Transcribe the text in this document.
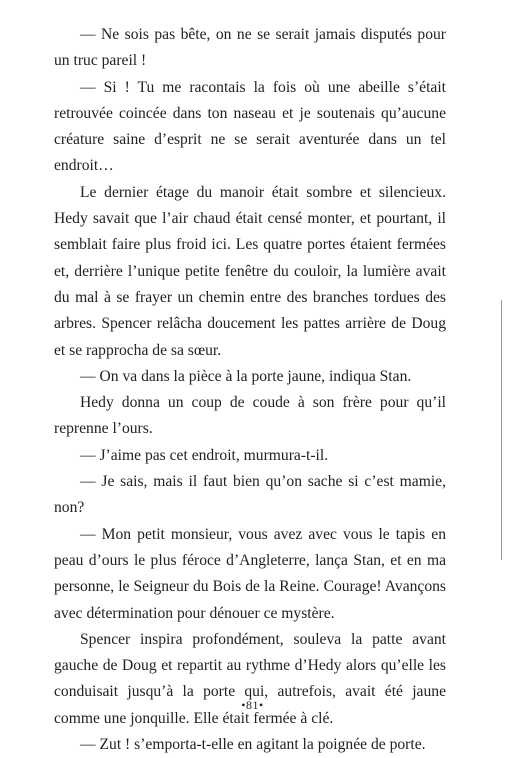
— Ne sois pas bête, on ne se serait jamais disputés pour un truc pareil !

— Si ! Tu me racontais la fois où une abeille s’était retrouvée coincée dans ton naseau et je soutenais qu’aucune créature saine d’esprit ne se serait aventurée dans un tel endroit…

Le dernier étage du manoir était sombre et silencieux. Hedy savait que l’air chaud était censé monter, et pourtant, il semblait faire plus froid ici. Les quatre portes étaient fermées et, derrière l’unique petite fenêtre du couloir, la lumière avait du mal à se frayer un chemin entre des branches tordues des arbres. Spencer relâcha doucement les pattes arrière de Doug et se rapprocha de sa sœur.

— On va dans la pièce à la porte jaune, indiqua Stan.

Hedy donna un coup de coude à son frère pour qu’il reprenne l’ours.

— J’aime pas cet endroit, murmura-t-il.

— Je sais, mais il faut bien qu’on sache si c’est mamie, non?

— Mon petit monsieur, vous avez avec vous le tapis en peau d’ours le plus féroce d’Angleterre, lança Stan, et en ma personne, le Seigneur du Bois de la Reine. Courage! Avançons avec détermination pour dénouer ce mystère.

Spencer inspira profondément, souleva la patte avant gauche de Doug et repartit au rythme d’Hedy alors qu’elle les conduisait jusqu’à la porte qui, autrefois, avait été jaune comme une jonquille. Elle était fermée à clé.

— Zut ! s’emporta-t-elle en agitant la poignée de porte.

•81•
